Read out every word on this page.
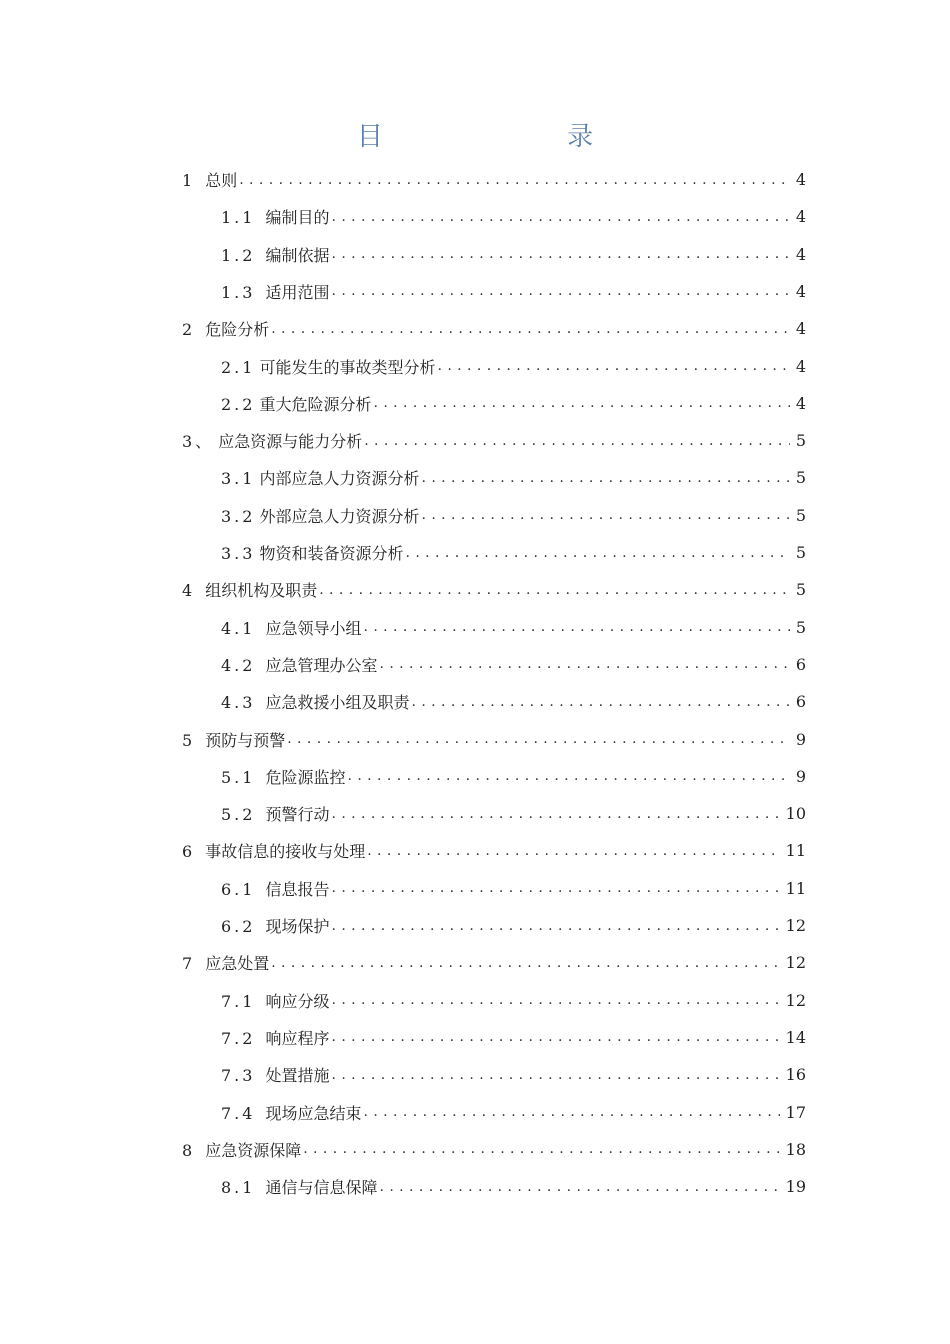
目 录
1 总则 .....	4
1.1 编制目的 .....	4
1.2 编制依据 .....	4
1.3 适用范围 .....	4
2 危险分析 .....	4
2.1 可能发生的事故类型分析 .....	4
2.2 重大危险源分析 .....	4
3、 应急资源与能力分析 .....	5
3.1 内部应急人力资源分析 .....	5
3.2 外部应急人力资源分析 .....	5
3.3 物资和装备资源分析 .....	5
4 组织机构及职责 .....	5
4.1 应急领导小组 .....	5
4.2 应急管理办公室 .....	6
4.3 应急救援小组及职责 .....	6
5 预防与预警 .....	9
5.1 危险源监控 .....	9
5.2 预警行动 .....	10
6 事故信息的接收与处理 .....	11
6.1 信息报告 .....	11
6.2 现场保护 .....	12
7 应急处置 .....	12
7.1 响应分级 .....	12
7.2 响应程序 .....	14
7.3 处置措施 .....	16
7.4 现场应急结束 .....	17
8 应急资源保障 .....	18
8.1 通信与信息保障 .....	19
